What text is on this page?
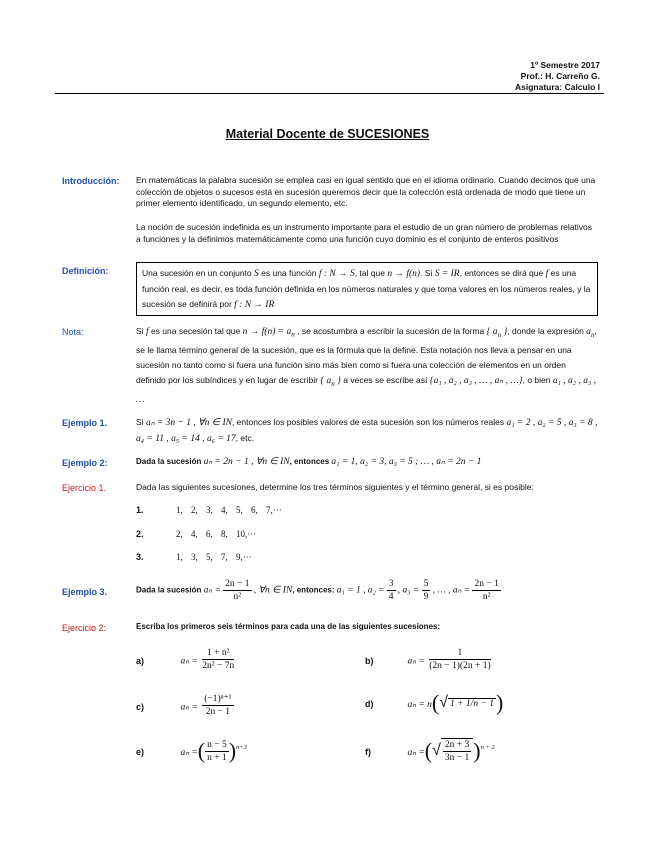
1º Semestre 2017
Prof.: H. Carreño G.
Asignatura: Calculo I
Material Docente de SUCESIONES
Introducción: En matemáticas la palabra sucesión se emplea casi en igual sentido que en el idioma ordinario. Cuando decimos que una colección de objetos o sucesos está en sucesión queremos decir que la colección está ordenada de modo que tiene un primer elemento identificado, un segundo elemento, etc.
La noción de sucesión indefinida es un instrumento importante para el estudio de un gran número de problemas relativos a funciones y la definimos matemáticamente como una función cuyo dominio es el conjunto de enteros positivos
Definición:	Una sucesión en un conjunto S es una función f : N → S, tal que n → f(n). Si S = IR, entonces se dirá que f es una función real, es decir, es toda función definida en los números naturales y que toma valores en los números reales, y la sucesión se definirá por f : N → IR
Nota:	Si f es una secesión tal que $n \to f(n) = a_n$ , se acostumbra a escribir la sucesión de la forma { $a_n$ }, donde la expresión $a_n$, se le llama término general de la sucesión, que es la fórmula que la define. Esta notación nos lleva a pensar en una sucesión no tanto como si fuera una función sino más bien como si fuera una colección de elementos en un orden definido por los subíndices y en lugar de escribir { $a_n$ } a veces se escribe así {a₁ , a₂ , a₃ , … , aₙ , …}, o bien a₁ , a₂ , a₃ , …
Ejemplo 1.	Si aₙ = 3n − 1 , ∀n ∈ IN, entonces los posibles valores de esta sucesión son los números reales a₁ = 2 , a₂ = 5 , a₃ = 8 , a₄ = 11 , a₅ = 14 , a₆ = 17, etc.
Ejemplo 2:	Dada la sucesión aₙ = 2n − 1 , ∀n ∈ IN, entonces a₁ = 1, a₂ = 3, a₃ = 5 ; … , aₙ = 2n − 1
Ejercicio 1.	Dada las siguientes sucesiones, determine los tres términos siguientes y el término general, si es posible:
1.	1, 2, 3, 4, 5, 6, 7,···
2.	2, 4, 6, 8, 10,···
3.	1, 3, 5, 7, 9,···
Ejemplo 3.	Dada la sucesión $a_n = \frac{2n - 1}{\text{n²}}$ , ∀n ∈ IN, entonces: a₁ = 1 , $a_2 = \frac{3}{4}$ , $a_3 = \frac{5}{9}$ , … , $a_n = \frac{2n - 1}{\text{n²}}$
Ejercicio 2:	Escriba los primeros seis términos para cada una de las siguientes sucesiones:
a)	$a_n = \frac{\text{1 + n²}}{\text{2n² − 7n}}$	b)	$a_n = \frac{1}{(2n - 1)(2n + 1)}$
c)	$a_n = \frac{\text{(−1)ⁿ⁺¹}}{2n - 1}$	d)	aₙ = n(√ 1 + 1/n − 1)
e)	aₙ =( $\frac{n - 5}{n + 1} )^{n+3}$	f)	aₙ =(√ $\frac{2n + 3}{3n - 1} )^{n + 2}$
